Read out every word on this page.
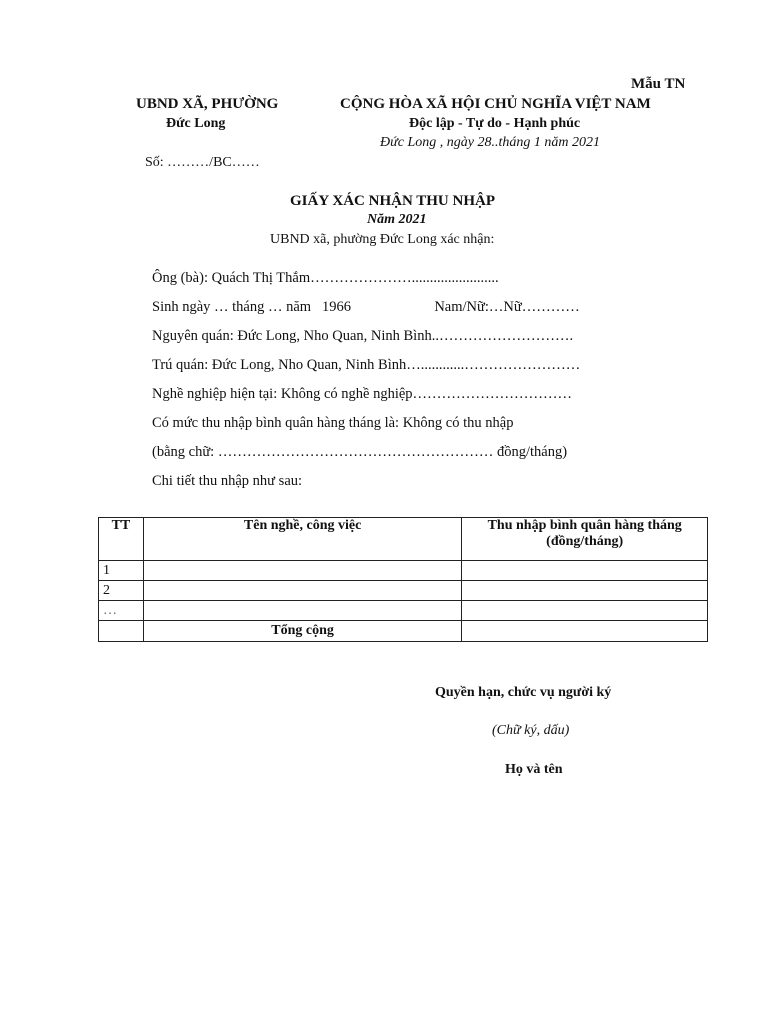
Mẫu TN
UBND XÃ, PHƯỜNG
Đức Long
Số: ………/BC……
CỘNG HÒA XÃ HỘI CHỦ NGHĨA VIỆT NAM
Độc lập - Tự do - Hạnh phúc
Đức Long , ngày 28..tháng 1 năm 2021
GIẤY XÁC NHẬN THU NHẬP
Năm 2021
UBND xã, phường Đức Long xác nhận:
Ông (bà): Quách Thị Thắm…………………........................
Sinh ngày … tháng … năm   1966                       Nam/Nữ:…Nữ…………
Nguyên quán: Đức Long, Nho Quan, Ninh Bình..……………………….
Trú quán: Đức Long, Nho Quan, Ninh Bình…............……………………
Nghề nghiệp hiện tại: Không có nghề nghiệp……………………………
Có mức thu nhập bình quân hàng tháng là: Không có thu nhập
(bằng chữ: ………………………………………………… đồng/tháng)
Chi tiết thu nhập như sau:
TT	Tên nghề, công việc	Thu nhập bình quân hàng tháng (đồng/tháng)
1		
2		
…		
	Tổng cộng	
Quyền hạn, chức vụ người ký
(Chữ ký, dấu)
Họ và tên
